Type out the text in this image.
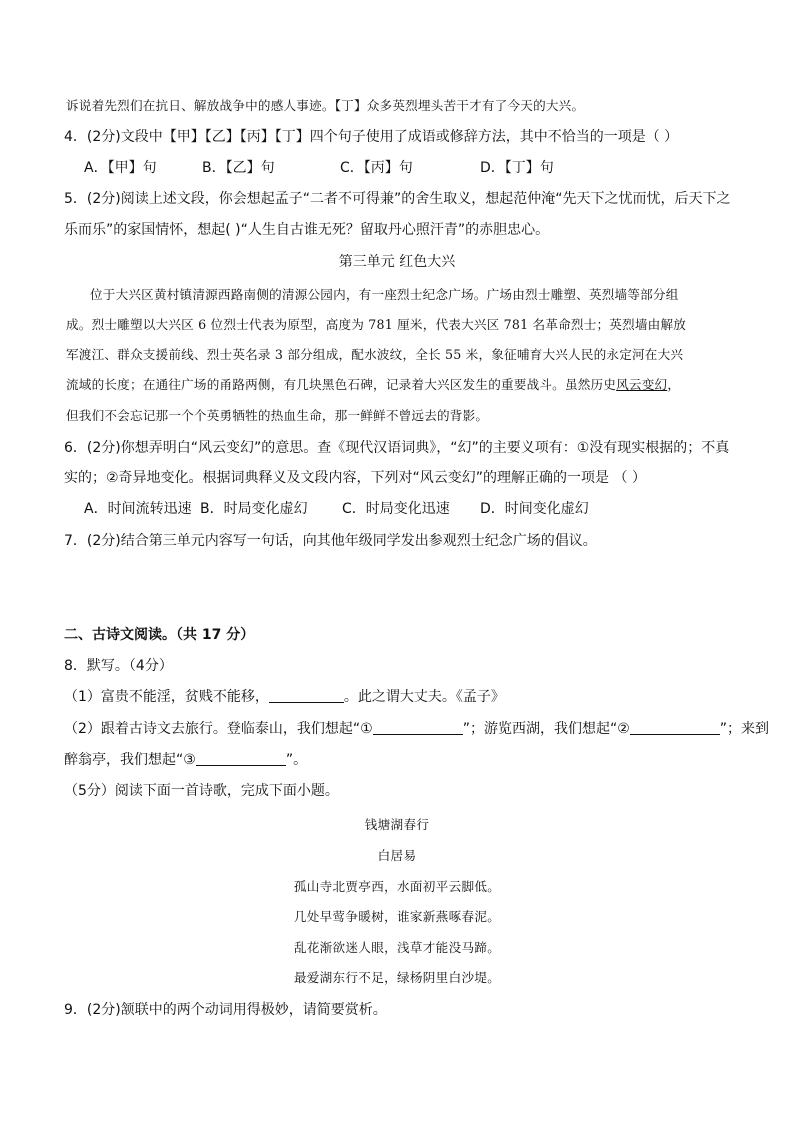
诉说着先烈们在抗日、解放战争中的感人事迹。【丁】众多英烈埋头苦干才有了今天的大兴。
4．(2分)文段中【甲】【乙】【丙】【丁】四个句子使用了成语或修辞方法，其中不恰当的一项是（ ）
A．【甲】句	B．【乙】句	C．【丙】句	D．【丁】句
5．(2分)阅读上述文段，你会想起孟子“二者不可得兼”的舍生取义，想起范仲淹“先天下之忧而忧，后天下之
乐而乐”的家国情怀，想起( )“人生自古谁无死？留取丹心照汗青”的赤胆忠心。
第三单元 红色大兴
位于大兴区黄村镇清源西路南侧的清源公园内，有一座烈士纪念广场。广场由烈士雕塑、英烈墙等部分组
成。烈士雕塑以大兴区 6 位烈士代表为原型，高度为 781 厘米，代表大兴区 781 名革命烈士；英烈墙由解放
军渡江、群众支援前线、烈士英名录 3 部分组成，配水波纹，全长 55 米，象征哺育大兴人民的永定河在大兴
流域的长度；在通往广场的甬路两侧，有几块黑色石碑，记录着大兴区发生的重要战斗。虽然历史风云变幻，
但我们不会忘记那一个个英勇牺牲的热血生命，那一鲜鲜不曾远去的背影。
6．(2分)你想弄明白“风云变幻”的意思。查《现代汉语词典》，“幻”的主要义项有：①没有现实根据的；不真
实的；②奇异地变化。根据词典释义及文段内容，下列对“风云变幻”的理解正确的一项是 （ ）
A．时间流转迅速 B．时局变化虚幻 C．时局变化迅速 D．时间变化虚幻
7．(2分)结合第三单元内容写一句话，向其他年级同学发出参观烈士纪念广场的倡议。
二、古诗文阅读。（共 17 分）
8．默写。（4分）
（1）富贵不能淫，贫贱不能移，	。此之谓大丈夫。《孟子》
（2）跟着古诗文去旅行。登临泰山，我们想起“①	”；游览西湖，我们想起“②	”；来到
醉翁亭，我们想起“③	”。
（5分）阅读下面一首诗歌，完成下面小题。
钱塘湖春行
白居易
孤山寺北贾亭西，水面初平云脚低。
几处早莺争暖树，谁家新燕啄春泥。
乱花渐欲迷人眼，浅草才能没马蹄。
最爱湖东行不足，绿杨阴里白沙堤。
9．(2分)颔联中的两个动词用得极妙，请简要赏析。
